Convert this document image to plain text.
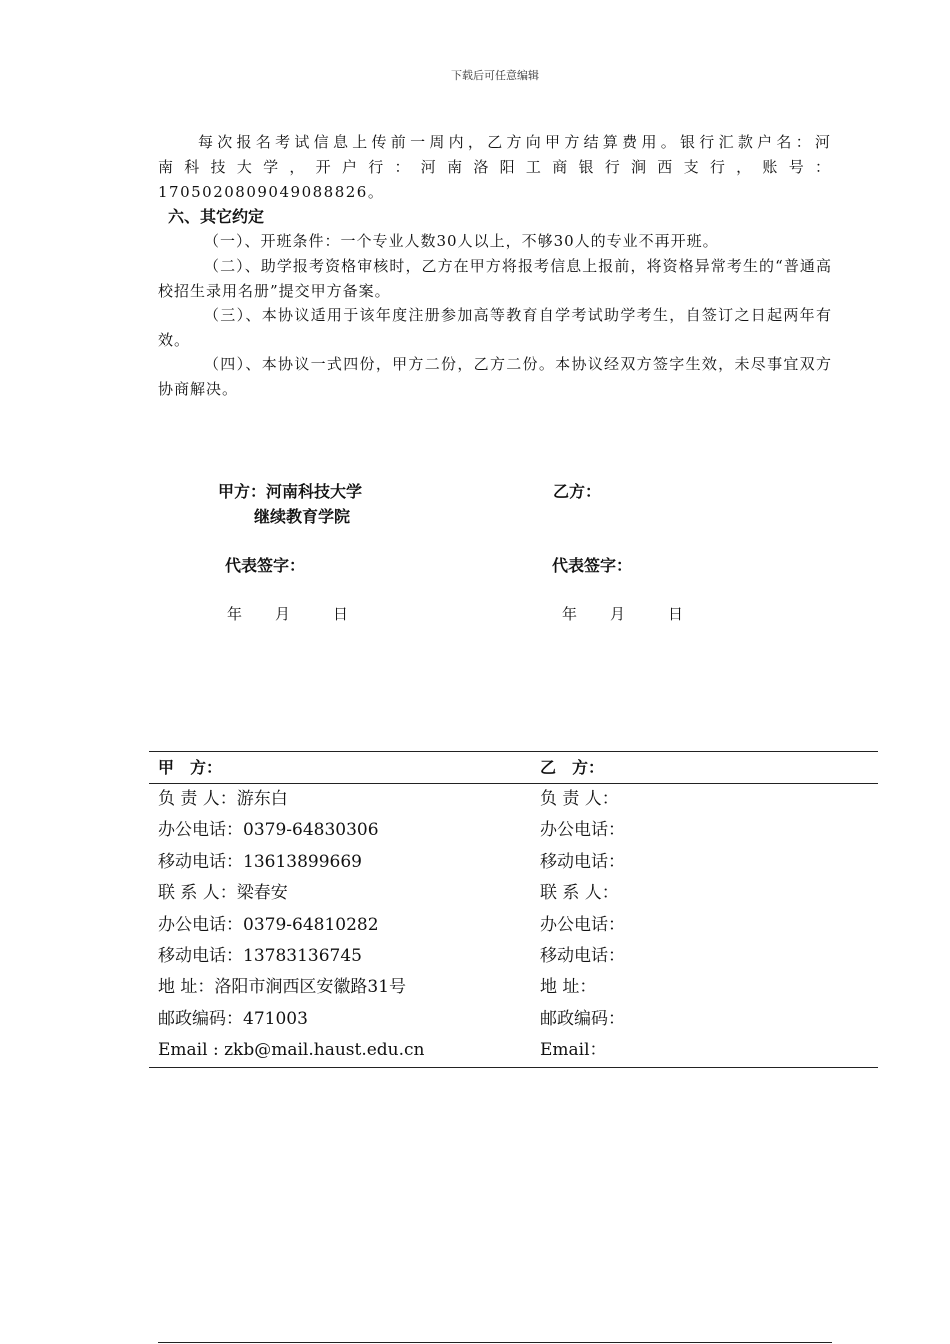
下载后可任意编辑
每次报名考试信息上传前一周内，乙方向甲方结算费用。银行汇款户名：河
南科技大学，开户行：河南洛阳工商银行涧西支行，账号：
1705020809049088826。
六、其它约定
（一）、开班条件：一个专业人数30人以上，不够30人的专业不再开班。
（二）、助学报考资格审核时，乙方在甲方将报考信息上报前，将资格异常考生的“普通高校招生录用名册”提交甲方备案。
（三）、本协议适用于该年度注册参加高等教育自学考试助学考生，自签订之日起两年有效。
（四）、本协议一式四份，甲方二份，乙方二份。本协议经双方签字生效，未尽事宜双方协商解决。
甲方：河南科技大学
继续教育学院
乙方：
代表签字：	代表签字：
年 月	日	年 月	日
甲　方：	乙　方：
负 责 人：游东白	负 责 人：
办公电话：0379-64830306	办公电话：
移动电话：13613899669	移动电话：
联 系 人：梁春安	联 系 人：
办公电话：0379-64810282	办公电话：
移动电话：13783136745	移动电话：
地 址：洛阳市涧西区安徽路31号	地 址：
邮政编码：471003	邮政编码：
Email : zkb@mail.haust.edu.cn	Email：
